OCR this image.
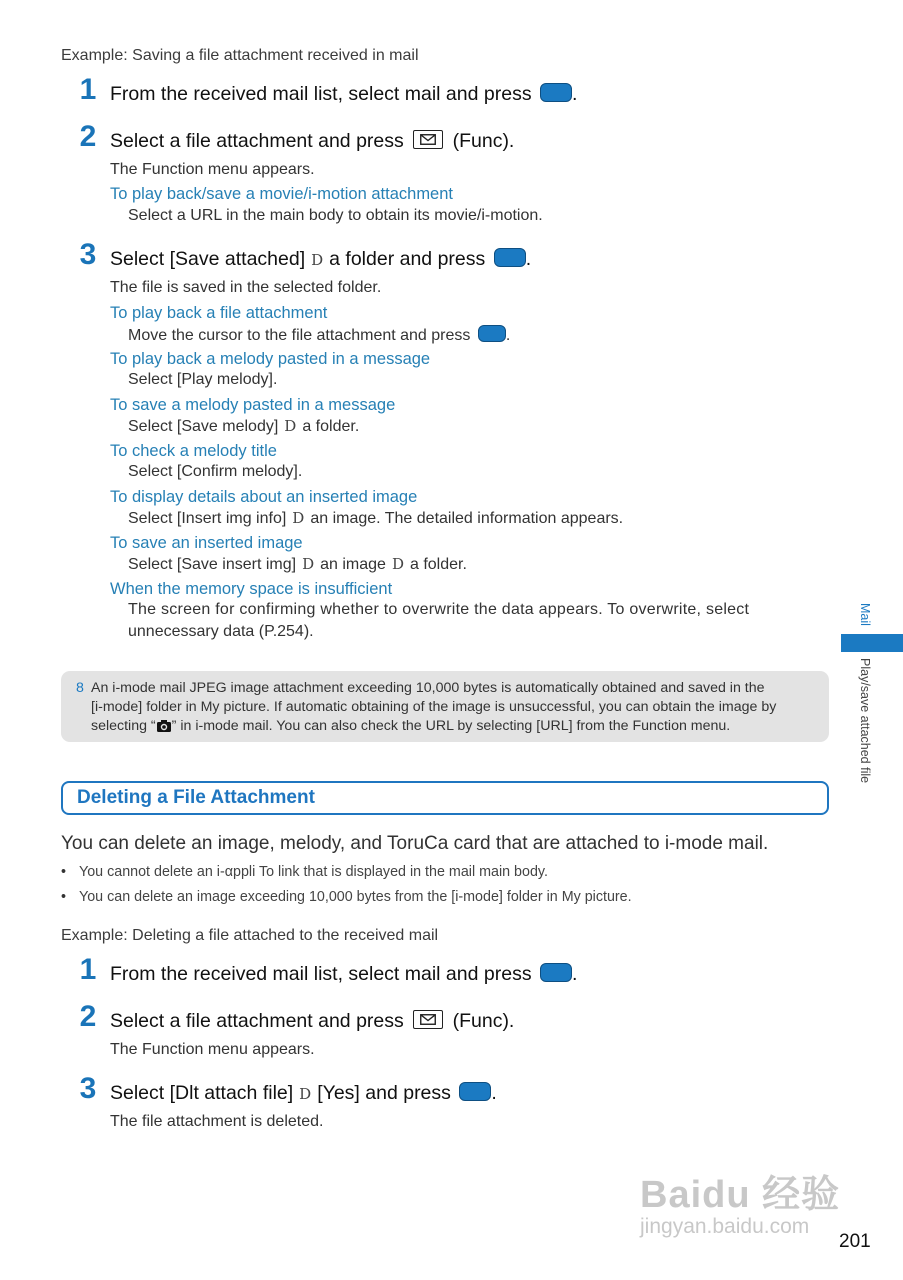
Example: Saving a file attachment received in mail
1 From the received mail list, select mail and press .
2 Select a file attachment and press	(Func).
The Function menu appears.
To play back/save a movie/i-motion attachment
Select a URL in the main body to obtain its movie/i-motion.
3 Select [Save attached] D a folder and press .
The file is saved in the selected folder.
To play back a file attachment
Move the cursor to the file attachment and press .
To play back a melody pasted in a message
Select [Play melody].
To save a melody pasted in a message
Select [Save melody] D a folder.
To check a melody title
Select [Confirm melody].
To display details about an inserted image
Select [Insert img info] D an image. The detailed information appears.
To save an inserted image
Select [Save insert img] D an image D a folder.
When the memory space is insufficient
The screen for confirming whether to overwrite the data appears. To overwrite, select
unnecessary data (P.254).
8 An i-mode mail JPEG image attachment exceeding 10,000 bytes is automatically obtained and saved in the
[i-mode] folder in My picture. If automatic obtaining of the image is unsuccessful, you can obtain the image by
selecting “ ” in i-mode mail. You can also check the URL by selecting [URL] from the Function menu.
Deleting a File Attachment
You can delete an image, melody, and ToruCa card that are attached to i-mode mail.
• You cannot delete an i-αppli To link that is displayed in the mail main body.
• You can delete an image exceeding 10,000 bytes from the [i-mode] folder in My picture.
Example: Deleting a file attached to the received mail
1 From the received mail list, select mail and press .
2 Select a file attachment and press	(Func).
The Function menu appears.
3 Select [Dlt attach file] D [Yes] and press .
The file attachment is deleted.
Mail
Play/save attached file
Baidu 经验
jingyan.baidu.com
201
